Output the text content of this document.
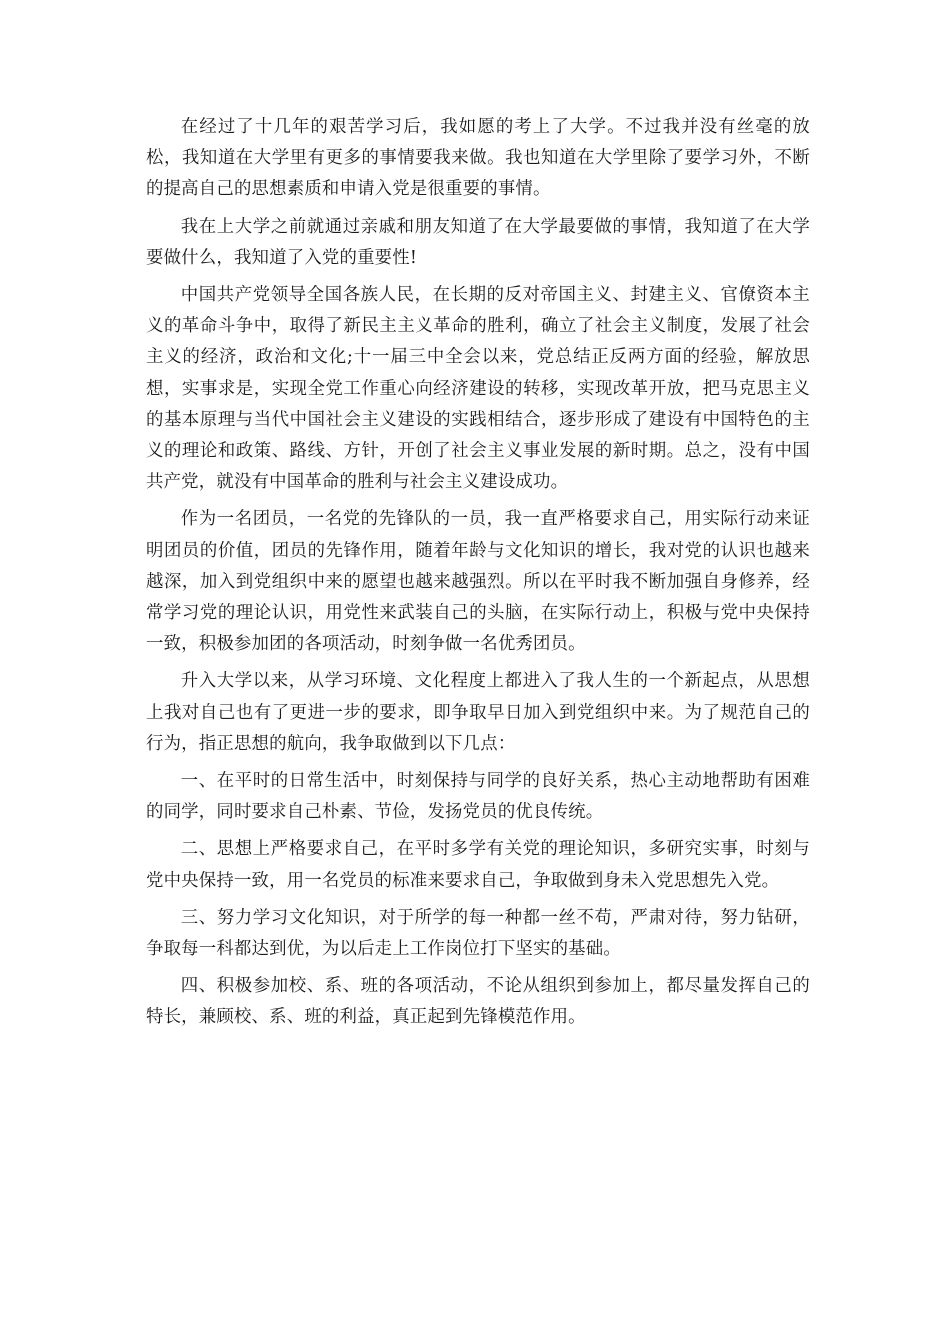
在经过了十几年的艰苦学习后，我如愿的考上了大学。不过我并没有丝毫的放松，我知道在大学里有更多的事情要我来做。我也知道在大学里除了要学习外，不断的提高自己的思想素质和申请入党是很重要的事情。

我在上大学之前就通过亲戚和朋友知道了在大学最要做的事情，我知道了在大学要做什么，我知道了入党的重要性!

中国共产党领导全国各族人民，在长期的反对帝国主义、封建主义、官僚资本主义的革命斗争中，取得了新民主主义革命的胜利，确立了社会主义制度，发展了社会主义的经济，政治和文化;十一届三中全会以来，党总结正反两方面的经验，解放思想，实事求是，实现全党工作重心向经济建设的转移，实现改革开放，把马克思主义的基本原理与当代中国社会主义建设的实践相结合，逐步形成了建设有中国特色的主义的理论和政策、路线、方针，开创了社会主义事业发展的新时期。总之，没有中国共产党，就没有中国革命的胜利与社会主义建设成功。

作为一名团员，一名党的先锋队的一员，我一直严格要求自己，用实际行动来证明团员的价值，团员的先锋作用，随着年龄与文化知识的增长，我对党的认识也越来越深，加入到党组织中来的愿望也越来越强烈。所以在平时我不断加强自身修养，经常学习党的理论认识，用党性来武装自己的头脑，在实际行动上，积极与党中央保持一致，积极参加团的各项活动，时刻争做一名优秀团员。

升入大学以来，从学习环境、文化程度上都进入了我人生的一个新起点，从思想上我对自己也有了更进一步的要求，即争取早日加入到党组织中来。为了规范自己的行为，指正思想的航向，我争取做到以下几点：

一、在平时的日常生活中，时刻保持与同学的良好关系，热心主动地帮助有困难的同学，同时要求自己朴素、节俭，发扬党员的优良传统。

二、思想上严格要求自己，在平时多学有关党的理论知识，多研究实事，时刻与党中央保持一致，用一名党员的标准来要求自己，争取做到身未入党思想先入党。

三、努力学习文化知识，对于所学的每一种都一丝不苟，严肃对待，努力钻研，争取每一科都达到优，为以后走上工作岗位打下坚实的基础。

四、积极参加校、系、班的各项活动，不论从组织到参加上，都尽量发挥自己的特长，兼顾校、系、班的利益，真正起到先锋模范作用。
